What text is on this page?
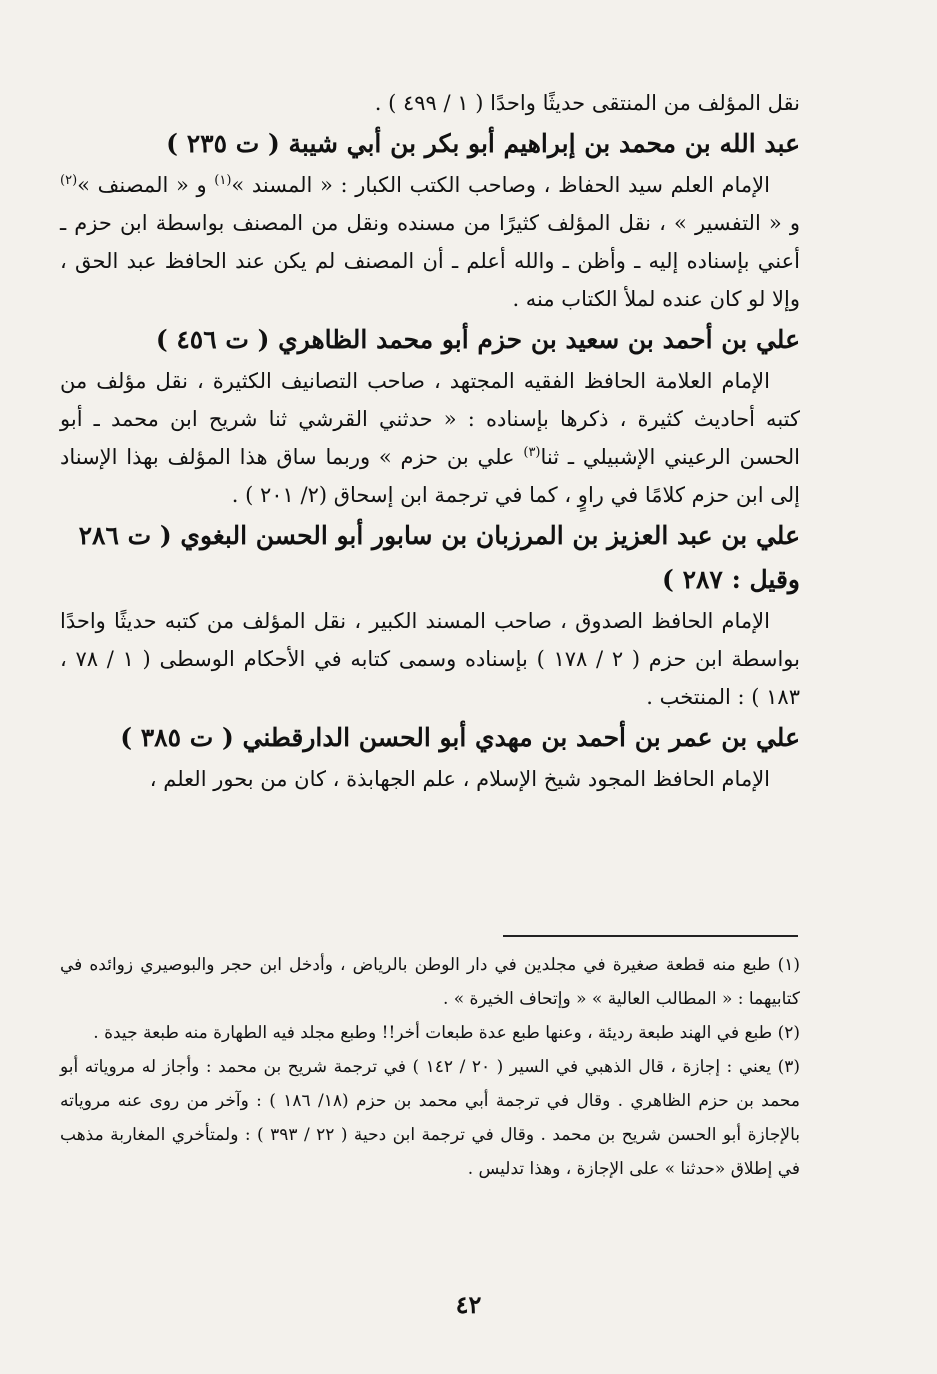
نقل المؤلف من المنتقى حديثًا واحدًا ( ١ / ٤٩٩ ) .

عبد الله بن محمد بن إبراهيم أبو بكر بن أبي شيبة ( ت ٢٣٥ )

الإمام العلم سيد الحفاظ ، وصاحب الكتب الكبار : « المسند »$^{(١)}$ و « المصنف »$^{(٢)}$ و « التفسير » ، نقل المؤلف كثيرًا من مسنده ونقل من المصنف بواسطة ابن حزم ـ أعني بإسناده إليه ـ وأظن ـ والله أعلم ـ أن المصنف لم يكن عند الحافظ عبد الحق ، وإلا لو كان عنده لملأ الكتاب منه .

علي بن أحمد بن سعيد بن حزم أبو محمد الظاهري ( ت ٤٥٦ )

الإمام العلامة الحافظ الفقيه المجتهد ، صاحب التصانيف الكثيرة ، نقل مؤلف من كتبه أحاديث كثيرة ، ذكرها بإسناده : « حدثني القرشي ثنا شريح ابن محمد ـ أبو الحسن الرعيني الإشبيلي ـ ثنا$^{(٣)}$ علي بن حزم » وربما ساق هذا المؤلف بهذا الإسناد إلى ابن حزم كلامًا في راوٍ ، كما في ترجمة ابن إسحاق (٢/ ٢٠١ ) .

علي بن عبد العزيز بن المرزبان بن سابور أبو الحسن البغوي ( ت ٢٨٦ وقيل : ٢٨٧ )

الإمام الحافظ الصدوق ، صاحب المسند الكبير ، نقل المؤلف من كتبه حديثًا واحدًا بواسطة ابن حزم ( ٢ / ١٧٨ ) بإسناده وسمى كتابه في الأحكام الوسطى ( ١ / ٧٨ ، ١٨٣ ) : المنتخب .

علي بن عمر بن أحمد بن مهدي أبو الحسن الدارقطني ( ت ٣٨٥ )

الإمام الحافظ المجود شيخ الإسلام ، علم الجهابذة ، كان من بحور العلم ،

(١) طبع منه قطعة صغيرة في مجلدين في دار الوطن بالرياض ، وأدخل ابن حجر والبوصيري زوائده في كتابيهما : « المطالب العالية » « وإتحاف الخيرة » .

(٢) طبع في الهند طبعة رديئة ، وعنها طبع عدة طبعات أخر!! وطبع مجلد فيه الطهارة منه طبعة جيدة .

(٣) يعني : إجازة ، قال الذهبي في السير ( ٢٠ / ١٤٢ ) في ترجمة شريح بن محمد : وأجاز له مروياته أبو محمد بن حزم الظاهري . وقال في ترجمة أبي محمد بن حزم (١٨/ ١٨٦ ) : وآخر من روى عنه مروياته بالإجازة أبو الحسن شريح بن محمد . وقال في ترجمة ابن دحية ( ٢٢ / ٣٩٣ ) : ولمتأخري المغاربة مذهب في إطلاق «حدثنا » على الإجازة ، وهذا تدليس .

٤٢
